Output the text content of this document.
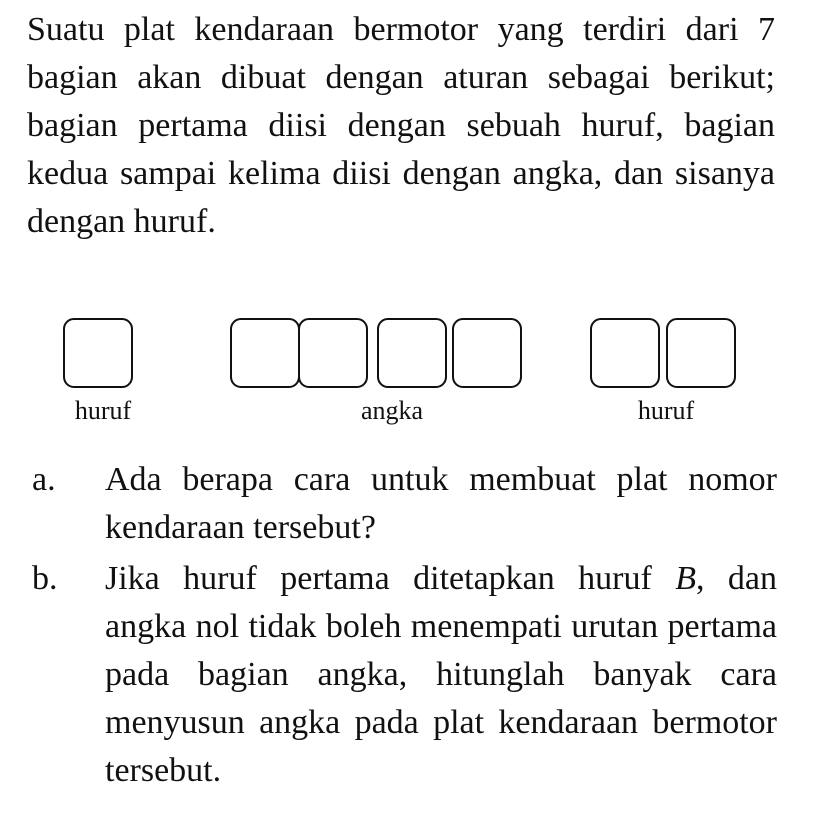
Suatu plat kendaraan bermotor yang terdiri dari 7 bagian akan dibuat dengan aturan sebagai berikut; bagian pertama diisi dengan sebuah huruf, bagian kedua sampai kelima diisi dengan angka, dan sisanya dengan huruf.

huruf	angka	huruf
a. Ada berapa cara untuk membuat plat nomor kendaraan tersebut?
b. Jika huruf pertama ditetapkan huruf B, dan angka nol tidak boleh menempati urutan pertama pada bagian angka, hitunglah banyak cara menyusun angka pada plat kendaraan bermotor tersebut.
